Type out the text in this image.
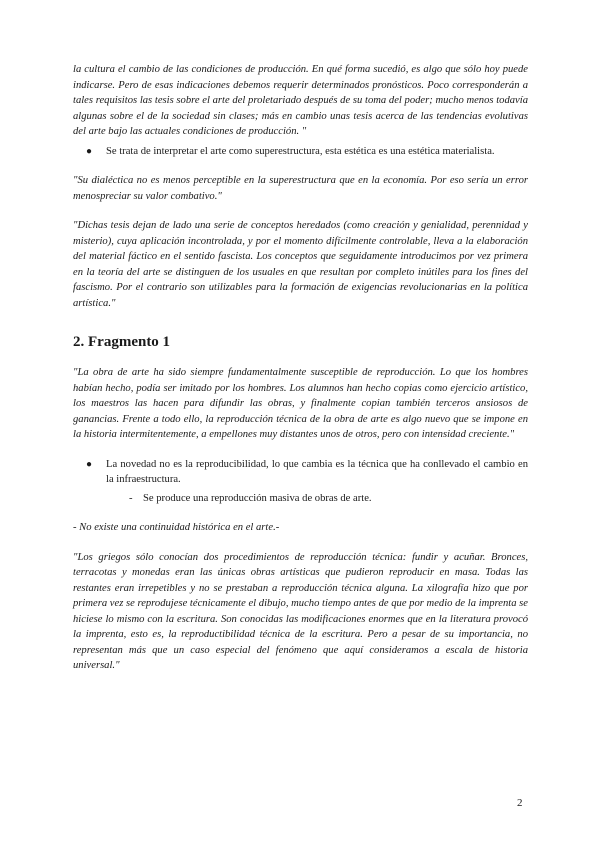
la cultura el cambio de las condiciones de producción. En qué forma sucedió, es algo que sólo hoy puede indicarse. Pero de esas indicaciones debemos requerir determinados pronósticos. Poco corresponderán a tales requisitos las tesis sobre el arte del proletariado después de su toma del poder; mucho menos todavía algunas sobre el de la sociedad sin clases; más en cambio unas tesis acerca de las tendencias evolutivas del arte bajo las actuales condiciones de producción. "

● Se trata de interpretar el arte como superestructura, esta estética es una estética materialista.

"Su dialéctica no es menos perceptible en la superestructura que en la economía. Por eso sería un error menospreciar su valor combativo."

"Dichas tesis dejan de lado una serie de conceptos heredados (como creación y genialidad, perennidad y misterio), cuya aplicación incontrolada, y por el momento difícilmente controlable, lleva a la elaboración del material fáctico en el sentido fascista. Los conceptos que seguidamente introducimos por vez primera en la teoría del arte se distinguen de los usuales en que resultan por completo inútiles para los fines del fascismo. Por el contrario son utilizables para la formación de exigencias revolucionarias en la política artística."

2. Fragmento 1

"La obra de arte ha sido siempre fundamentalmente susceptible de reproducción. Lo que los hombres habían hecho, podía ser imitado por los hombres. Los alumnos han hecho copias como ejercicio artístico, los maestros las hacen para difundir las obras, y finalmente copian también terceros ansiosos de ganancias. Frente a todo ello, la reproducción técnica de la obra de arte es algo nuevo que se impone en la historia intermitentemente, a empellones muy distantes unos de otros, pero con intensidad creciente."

● La novedad no es la reproducibilidad, lo que cambia es la técnica que ha conllevado el cambio en la infraestructura.
- Se produce una reproducción masiva de obras de arte.

- No existe una continuidad histórica en el arte.-

"Los griegos sólo conocían dos procedimientos de reproducción técnica: fundir y acuñar. Bronces, terracotas y monedas eran las únicas obras artísticas que pudieron reproducir en masa. Todas las restantes eran irrepetibles y no se prestaban a reproducción técnica alguna. La xilografía hizo que por primera vez se reprodujese técnicamente el dibujo, mucho tiempo antes de que por medio de la imprenta se hiciese lo mismo con la escritura. Son conocidas las modificaciones enormes que en la literatura provocó la imprenta, esto es, la reproductibilidad técnica de la escritura. Pero a pesar de su importancia, no representan más que un caso especial del fenómeno que aquí consideramos a escala de historia universal."

2
